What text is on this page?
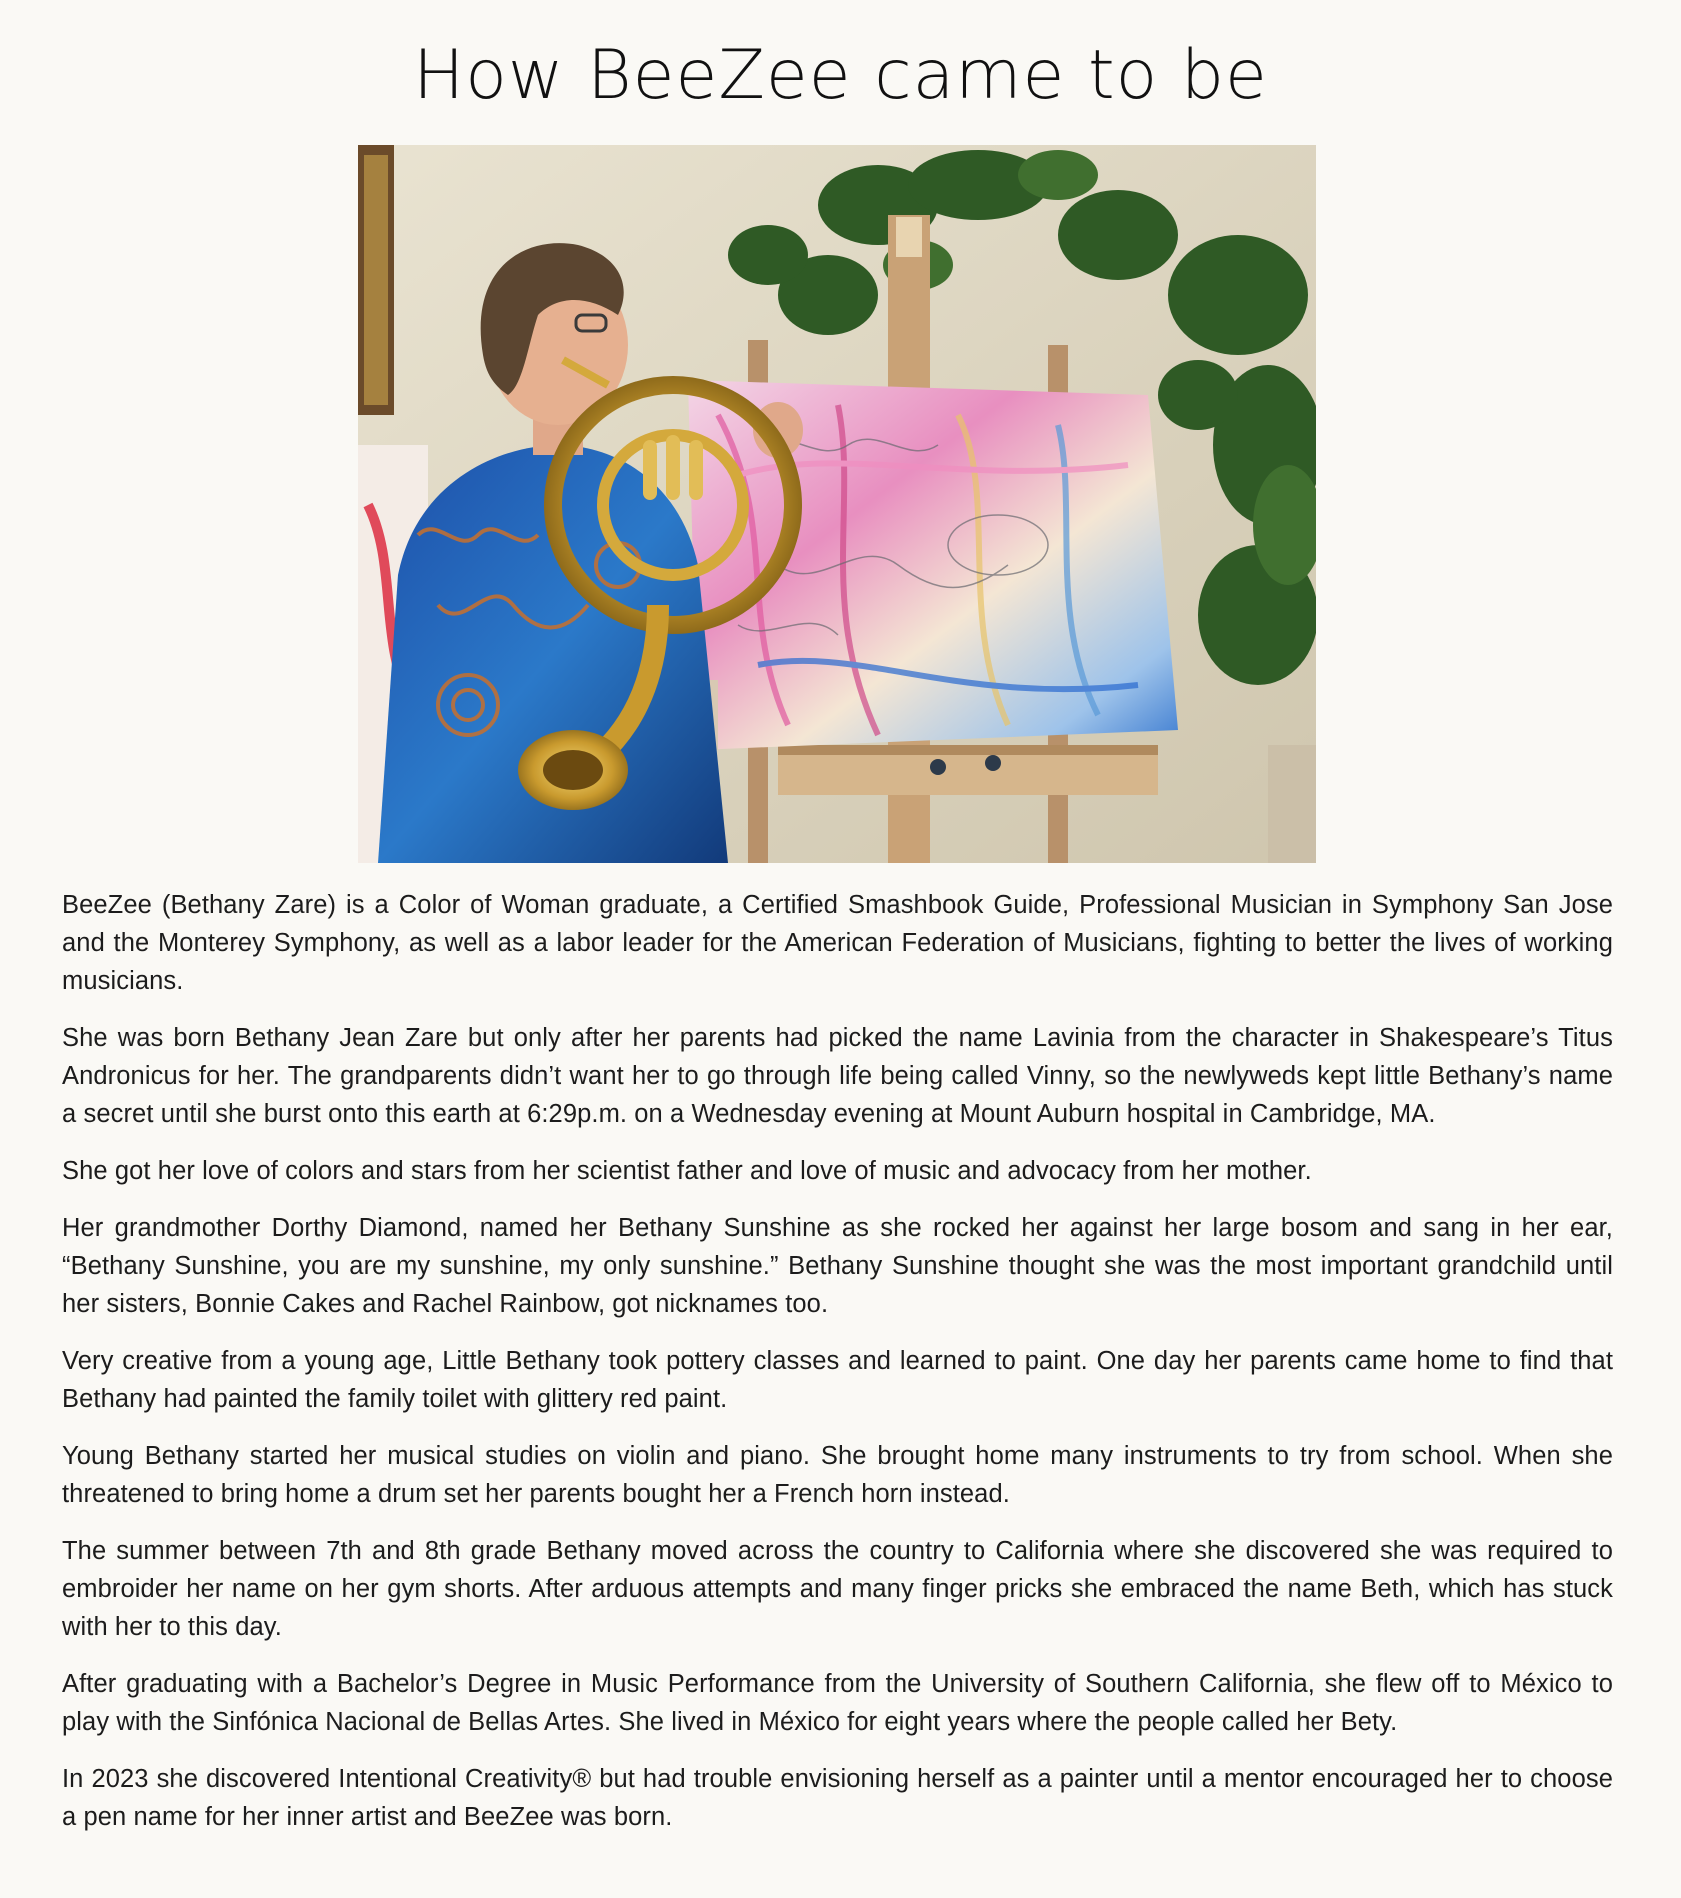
How BeeZee came to be

BeeZee (Bethany Zare) is a Color of Woman graduate, a Certified Smashbook Guide, Professional Musician in Symphony San Jose and the Monterey Symphony, as well as a labor leader for the American Federation of Musicians, fighting to better the lives of working musicians.

She was born Bethany Jean Zare but only after her parents had picked the name Lavinia from the character in Shakespeare’s Titus Andronicus for her. The grandparents didn’t want her to go through life being called Vinny, so the newlyweds kept little Bethany’s name a secret until she burst onto this earth at 6:29p.m. on a Wednesday evening at Mount Auburn hospital in Cambridge, MA.

She got her love of colors and stars from her scientist father and love of music and advocacy from her mother.

Her grandmother Dorthy Diamond, named her Bethany Sunshine as she rocked her against her large bosom and sang in her ear, “Bethany Sunshine, you are my sunshine, my only sunshine.” Bethany Sunshine thought she was the most important grandchild until her sisters, Bonnie Cakes and Rachel Rainbow, got nicknames too.

Very creative from a young age, Little Bethany took pottery classes and learned to paint. One day her parents came home to find that Bethany had painted the family toilet with glittery red paint.

Young Bethany started her musical studies on violin and piano. She brought home many instruments to try from school. When she threatened to bring home a drum set her parents bought her a French horn instead.

The summer between 7th and 8th grade Bethany moved across the country to California where she discovered she was required to embroider her name on her gym shorts. After arduous attempts and many finger pricks she embraced the name Beth, which has stuck with her to this day.

After graduating with a Bachelor’s Degree in Music Performance from the University of Southern California, she flew off to México to play with the Sinfónica Nacional de Bellas Artes. She lived in México for eight years where the people called her Bety.

In 2023 she discovered Intentional Creativity® but had trouble envisioning herself as a painter until a mentor encouraged her to choose a pen name for her inner artist and BeeZee was born.
